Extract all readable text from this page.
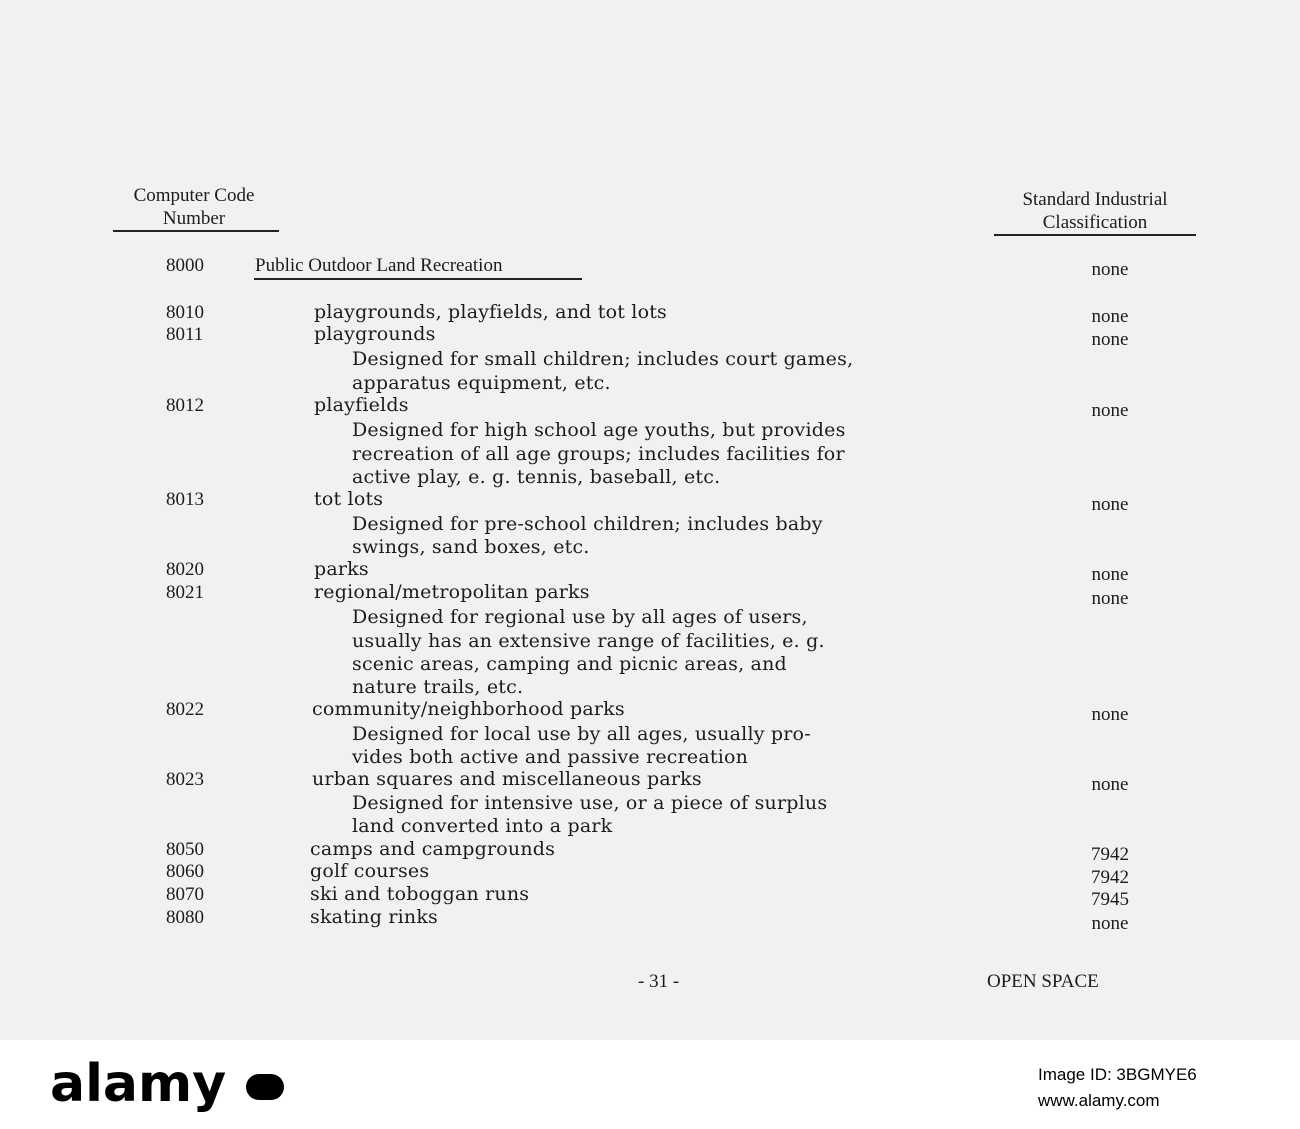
Computer Code
Number
Standard Industrial
Classification
8000	Public Outdoor Land Recreation	none
8010	playgrounds, playfields, and tot lots	none
8011	playgrounds	none
Designed for small children; includes court games,
apparatus equipment, etc.
8012	playfields	none
Designed for high school age youths, but provides
recreation of all age groups; includes facilities for
active play, e. g. tennis, baseball, etc.
8013	tot lots	none
Designed for pre-school children; includes baby
swings, sand boxes, etc.
8020	parks	none
8021	regional/metropolitan parks	none
Designed for regional use by all ages of users,
usually has an extensive range of facilities, e. g.
scenic areas, camping and picnic areas, and
nature trails, etc.
8022	community/neighborhood parks	none
Designed for local use by all ages, usually pro-
vides both active and passive recreation
8023	urban squares and miscellaneous parks	none
Designed for intensive use, or a piece of surplus
land converted into a park
8050	camps and campgrounds	7942
8060	golf courses	7942
8070	ski and toboggan runs	7945
8080	skating rinks	none
- 31 -	OPEN SPACE
alamy	Image ID: 3BGMYE6
www.alamy.com
